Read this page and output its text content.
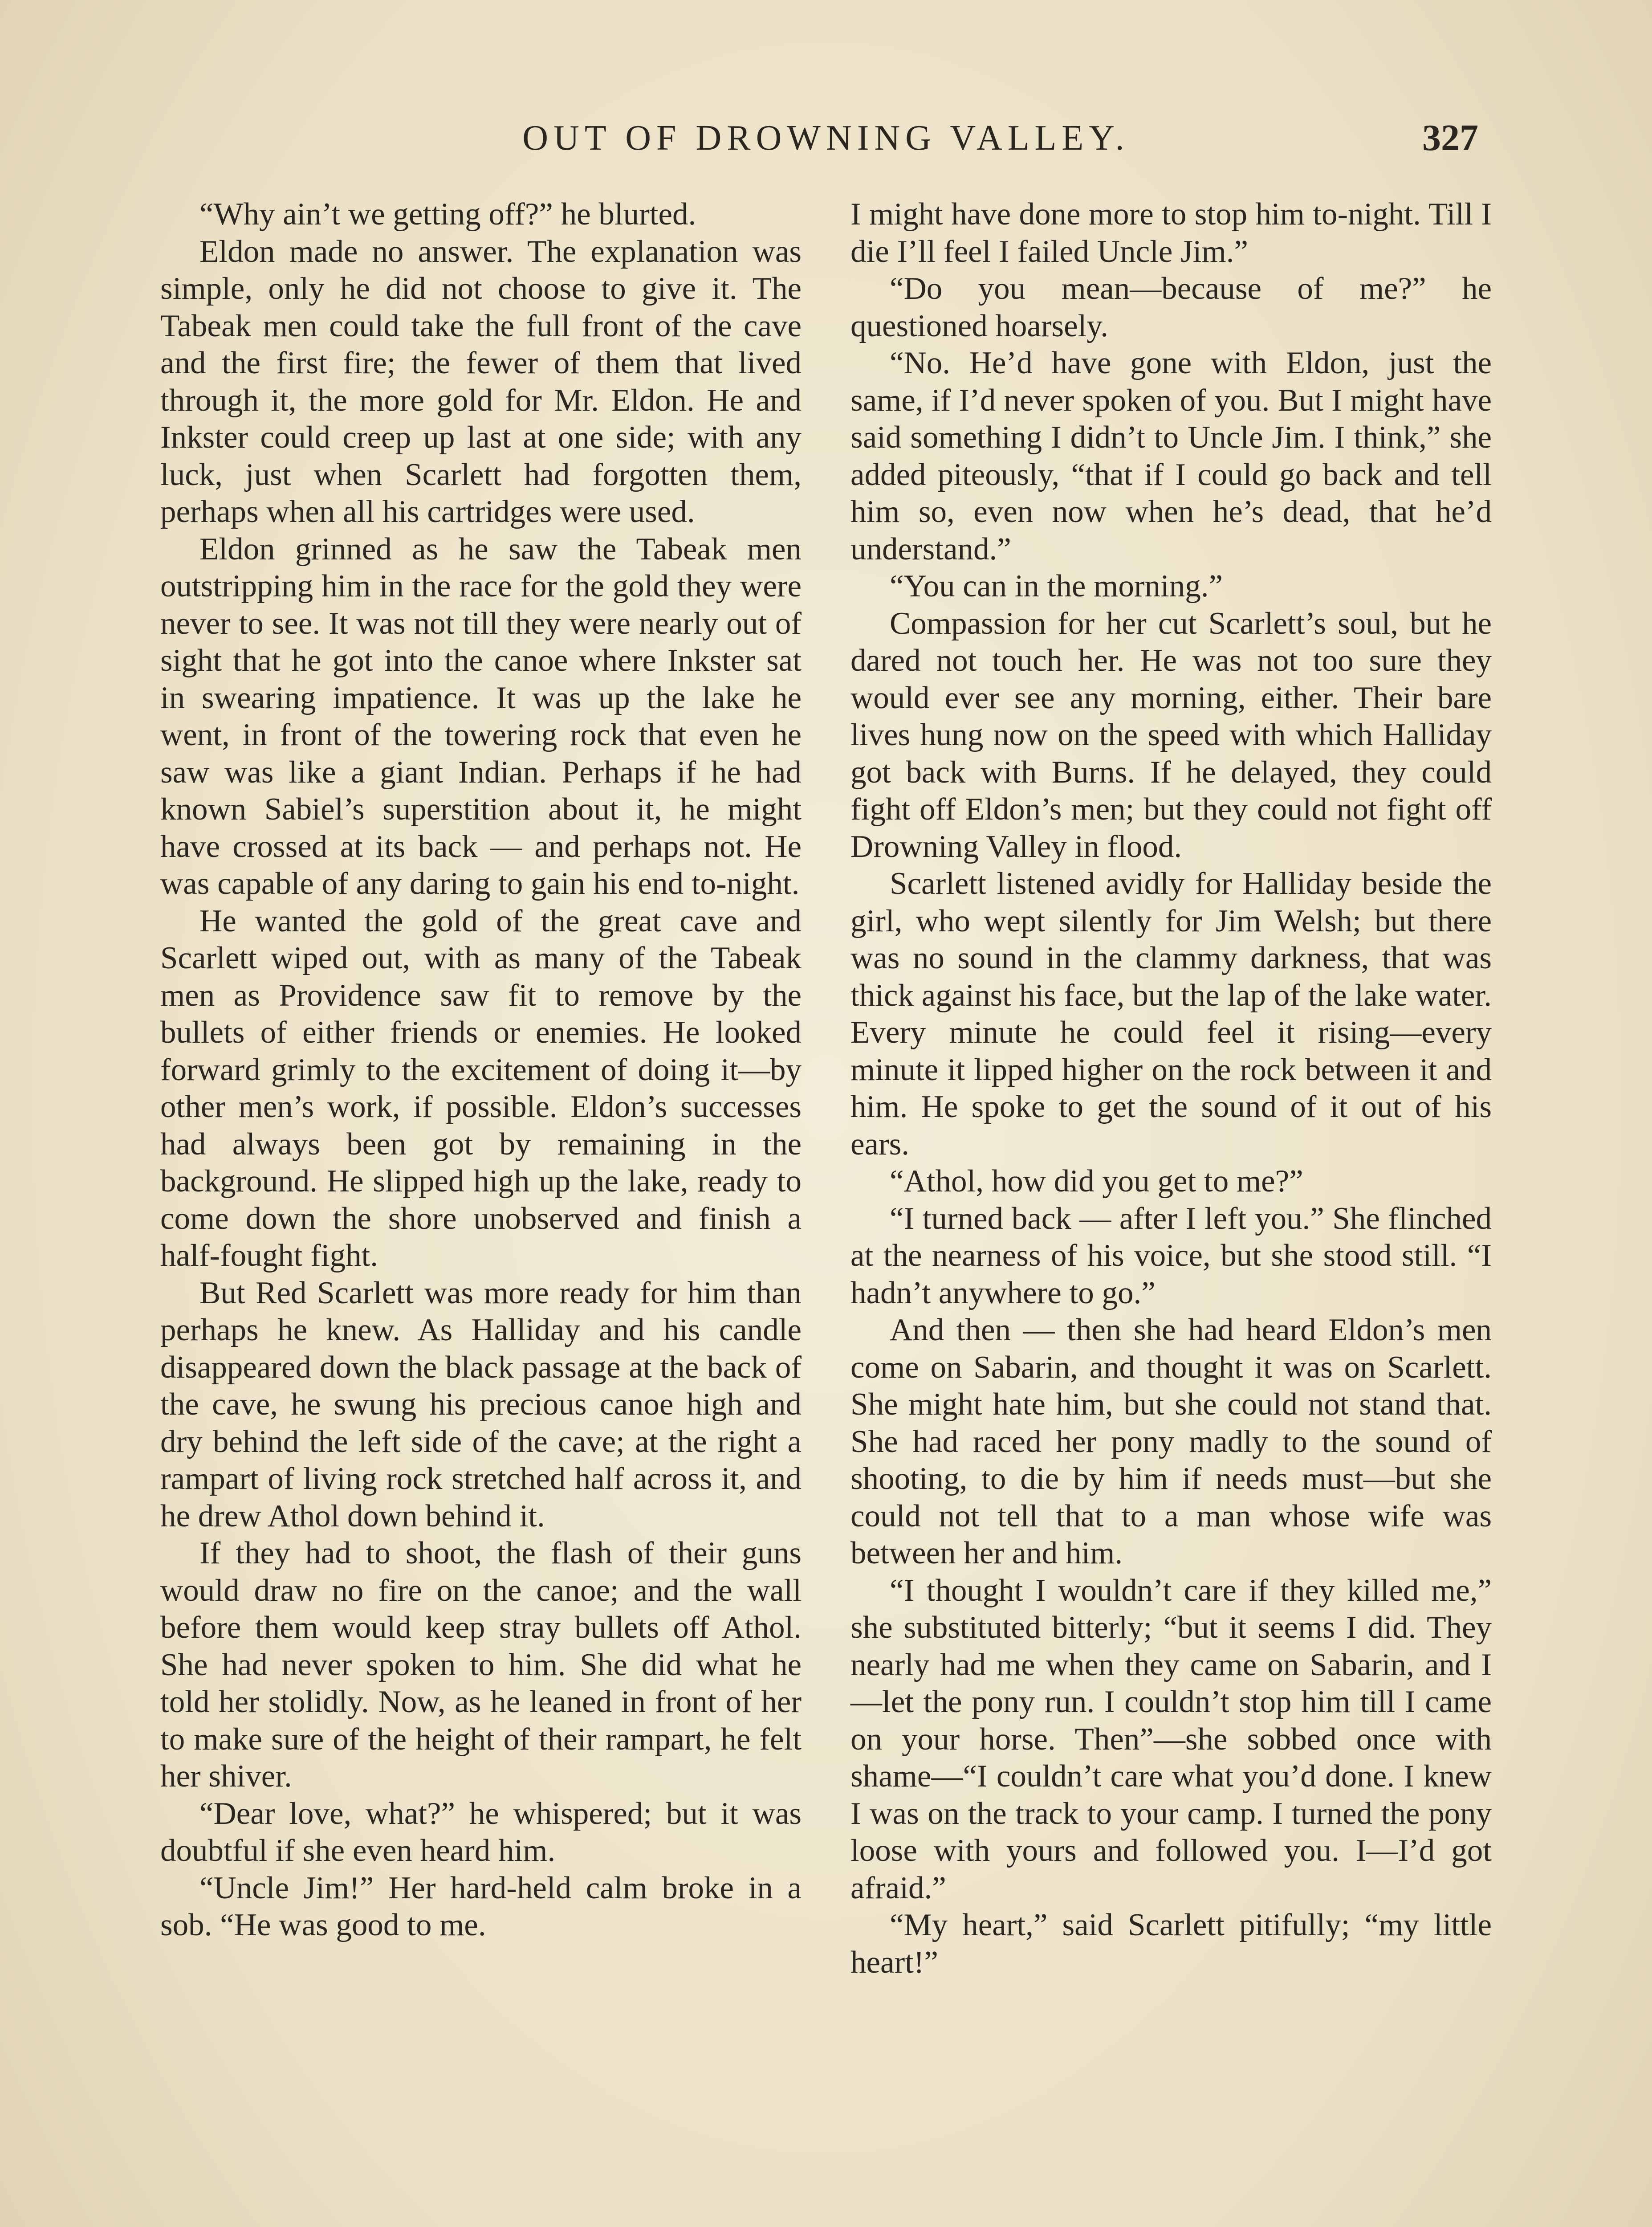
OUT OF DROWNING VALLEY.	327

“Why ain’t we getting off?” he blurted.

Eldon made no answer. The explanation was simple, only he did not choose to give it. The Tabeak men could take the full front of the cave and the first fire; the fewer of them that lived through it, the more gold for Mr. Eldon. He and Inkster could creep up last at one side; with any luck, just when Scarlett had forgotten them, perhaps when all his cartridges were used.

Eldon grinned as he saw the Tabeak men outstripping him in the race for the gold they were never to see. It was not till they were nearly out of sight that he got into the canoe where Inkster sat in swearing impatience. It was up the lake he went, in front of the towering rock that even he saw was like a giant Indian. Perhaps if he had known Sabiel’s superstition about it, he might have crossed at its back — and perhaps not. He was capable of any daring to gain his end to-night.

He wanted the gold of the great cave and Scarlett wiped out, with as many of the Tabeak men as Providence saw fit to remove by the bullets of either friends or enemies. He looked forward grimly to the excitement of doing it—by other men’s work, if possible. Eldon’s successes had always been got by remaining in the background. He slipped high up the lake, ready to come down the shore unobserved and finish a half-fought fight.

But Red Scarlett was more ready for him than perhaps he knew. As Halliday and his candle disappeared down the black passage at the back of the cave, he swung his precious canoe high and dry behind the left side of the cave; at the right a rampart of living rock stretched half across it, and he drew Athol down behind it.

If they had to shoot, the flash of their guns would draw no fire on the canoe; and the wall before them would keep stray bullets off Athol. She had never spoken to him. She did what he told her stolidly. Now, as he leaned in front of her to make sure of the height of their rampart, he felt her shiver.

“Dear love, what?” he whispered; but it was doubtful if she even heard him.

“Uncle Jim!” Her hard-held calm broke in a sob. “He was good to me.

I might have done more to stop him to-night. Till I die I’ll feel I failed Uncle Jim.”

“Do you mean—because of me?” he questioned hoarsely.

“No. He’d have gone with Eldon, just the same, if I’d never spoken of you. But I might have said something I didn’t to Uncle Jim. I think,” she added piteously, “that if I could go back and tell him so, even now when he’s dead, that he’d understand.”

“You can in the morning.”

Compassion for her cut Scarlett’s soul, but he dared not touch her. He was not too sure they would ever see any morning, either. Their bare lives hung now on the speed with which Halliday got back with Burns. If he delayed, they could fight off Eldon’s men; but they could not fight off Drowning Valley in flood.

Scarlett listened avidly for Halliday beside the girl, who wept silently for Jim Welsh; but there was no sound in the clammy darkness, that was thick against his face, but the lap of the lake water. Every minute he could feel it rising—every minute it lipped higher on the rock between it and him. He spoke to get the sound of it out of his ears.

“Athol, how did you get to me?”

“I turned back — after I left you.” She flinched at the nearness of his voice, but she stood still. “I hadn’t anywhere to go.”

And then — then she had heard Eldon’s men come on Sabarin, and thought it was on Scarlett. She might hate him, but she could not stand that. She had raced her pony madly to the sound of shooting, to die by him if needs must—but she could not tell that to a man whose wife was between her and him.

“I thought I wouldn’t care if they killed me,” she substituted bitterly; “but it seems I did. They nearly had me when they came on Sabarin, and I—let the pony run. I couldn’t stop him till I came on your horse. Then”—she sobbed once with shame—“I couldn’t care what you’d done. I knew I was on the track to your camp. I turned the pony loose with yours and followed you. I—I’d got afraid.”

“My heart,” said Scarlett pitifully; “my little heart!”
